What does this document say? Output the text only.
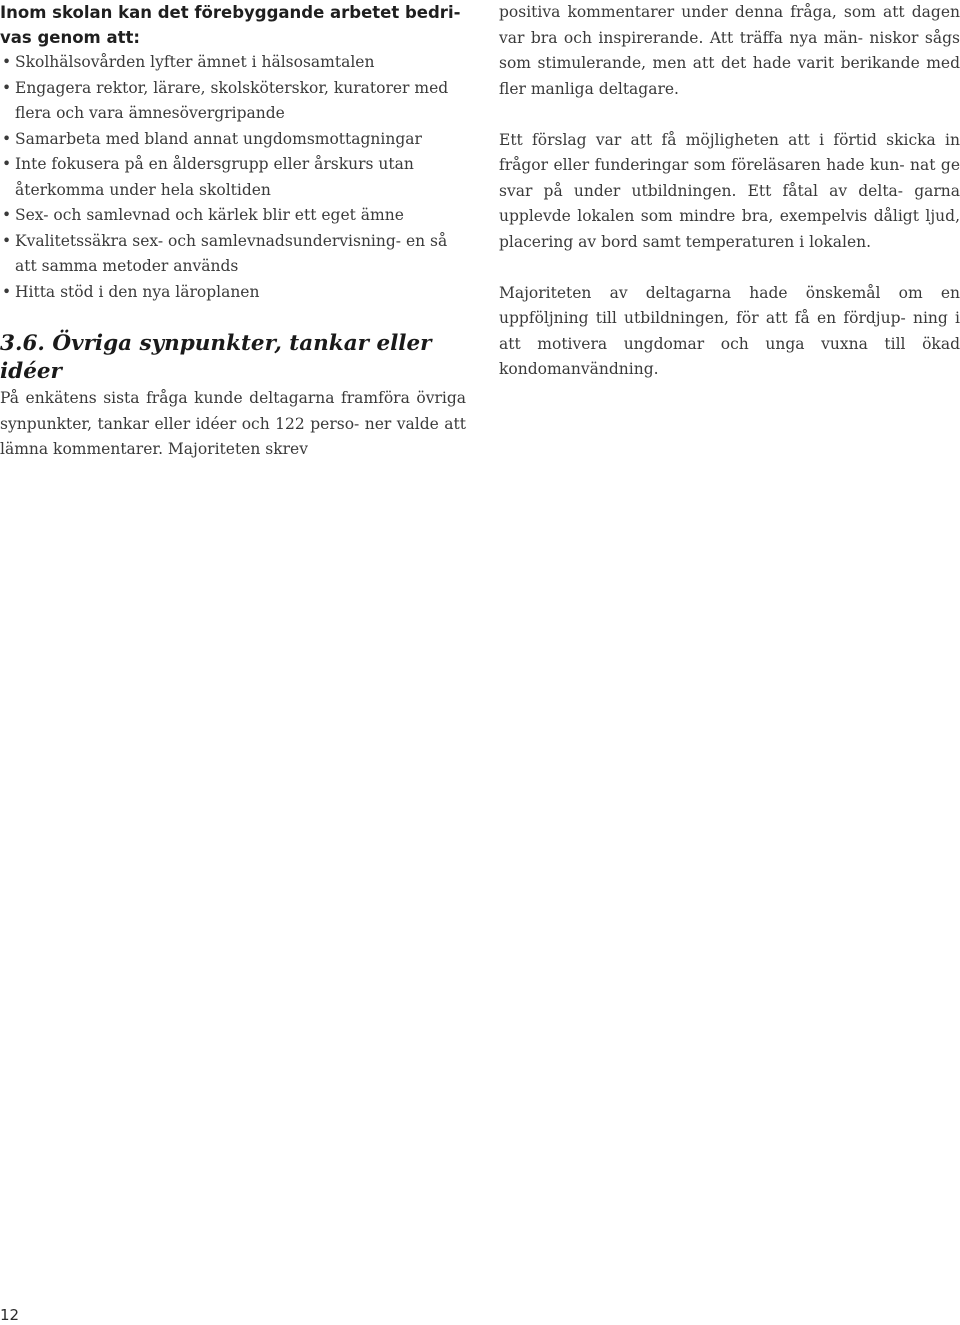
Inom skolan kan det förebyggande arbetet bedri- vas genom att:
• Skolhälsovården lyfter ämnet i hälsosamtalen
• Engagera rektor, lärare, skolsköterskor, kuratorer med flera och vara ämnesövergripande
• Samarbeta med bland annat ungdomsmottagningar
• Inte fokusera på en åldersgrupp eller årskurs utan återkomma under hela skoltiden
• Sex- och samlevnad och kärlek blir ett eget ämne
• Kvalitetssäkra sex- och samlevnadsundervisning- en så att samma metoder används
• Hitta stöd i den nya läroplanen
3.6. Övriga synpunkter, tankar eller idéer

På enkätens sista fråga kunde deltagarna framföra övriga synpunkter, tankar eller idéer och 122 perso- ner valde att lämna kommentarer. Majoriteten skrev

positiva kommentarer under denna fråga, som att dagen var bra och inspirerande. Att träffa nya män- niskor sågs som stimulerande, men att det hade varit berikande med fler manliga deltagare.

Ett förslag var att få möjligheten att i förtid skicka in frågor eller funderingar som föreläsaren hade kun- nat ge svar på under utbildningen. Ett fåtal av delta- garna upplevde lokalen som mindre bra, exempelvis dåligt ljud, placering av bord samt temperaturen i lokalen.

Majoriteten av deltagarna hade önskemål om en uppföljning till utbildningen, för att få en fördjup- ning i att motivera ungdomar och unga vuxna till ökad kondomanvändning.

12
